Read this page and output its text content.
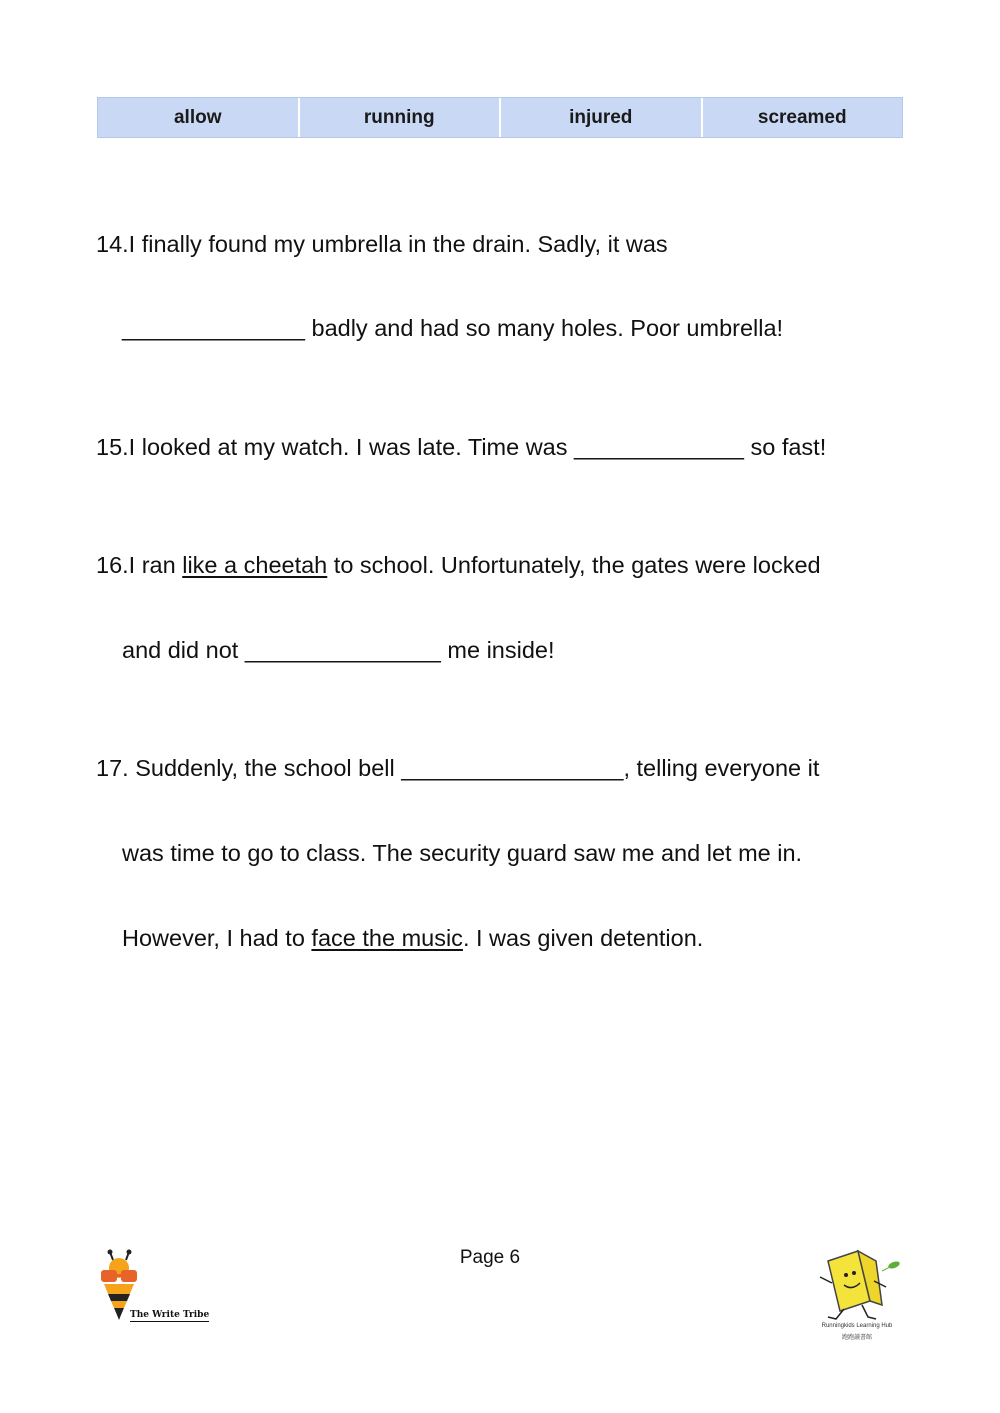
allow	running	injured	screamed
14.I finally found my umbrella in the drain. Sadly, it was
______________ badly and had so many holes. Poor umbrella!
15.I looked at my watch. I was late. Time was _____________ so fast!
16.I ran like a cheetah to school. Unfortunately, the gates were locked
and did not _______________ me inside!
17. Suddenly, the school bell _________________, telling everyone it
was time to go to class. The security guard saw me and let me in.
However, I had to face the music. I was given detention.
Page 6
The Write Tribe
Runningkids Learning Hub
跑跑讀書館
